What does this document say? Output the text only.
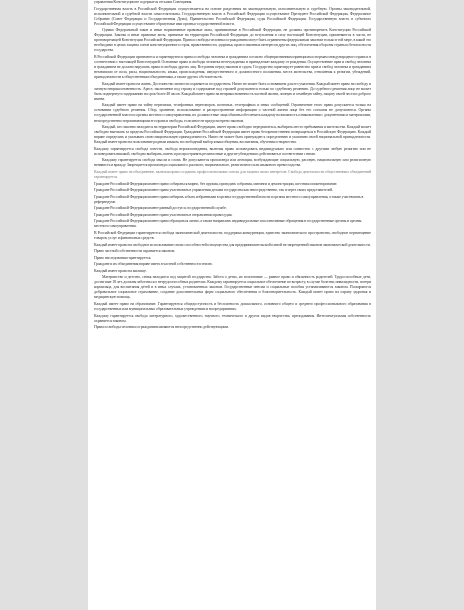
управления Конституции не содержатся отсылки Совещания.

Государственная власть в Российской Федерации осуществляется на основе разделения на законодательную, исполнительную и судебную. Органы законодательной, исполнительной и судебной власти самостоятельны. Государственную власть в Российской Федерации осуществляют Президент Российской Федерации, Федеральное Собрание (Совет Федерации и Государственная Дума), Правительство Российской Федерации, суды Российской Федерации. Государственную власть в субъектах Российской Федерации осуществляют образуемые ими органы государственной власти.

Однако Федеральный закон и иные нормативные правовые акты, принимаемые в Российской Федерации, не должны противоречить Конституции Российской Федерации. Законы и иные правовые акты, принятые на территории Российской Федерации до вступления в силу настоящей Конституции, применяются в части, не противоречащей Конституции Российской Федерации. Права и свободы человека и гражданина могут быть ограничены федеральным законом только в той мере, в какой это необходимо в целях защиты основ конституционного строя, нравственности, здоровья, прав и законных интересов других лиц, обеспечения обороны страны и безопасности государства.

В Российской Федерации признаются и гарантируются права и свободы человека и гражданина согласно общепризнанным принципам и нормам международного права и в соответствии с настоящей Конституцией. Основные права и свободы человека неотчуждаемы и принадлежат каждому от рождения. Осуществление прав и свобод человека и гражданина не должно нарушать права и свободы других лиц. Все равны перед законом и судом. Государство гарантирует равенство прав и свобод человека и гражданина независимо от пола, расы, национальности, языка, происхождения, имущественного и должностного положения, места жительства, отношения к религии, убеждений, принадлежности к общественным объединениям, а также других обстоятельств.

Каждый имеет право на жизнь. Достоинство личности охраняется государством. Ничто не может быть основанием для его умаления. Каждый имеет право на свободу и личную неприкосновенность. Арест, заключение под стражу и содержание под стражей допускаются только по судебному решению. До судебного решения лицо не может быть подвергнуто задержанию на срок более 48 часов. Каждый имеет право на неприкосновенность частной жизни, личную и семейную тайну, защиту своей чести и доброго имени.

Каждый имеет право на тайну переписки, телефонных переговоров, почтовых, телеграфных и иных сообщений. Ограничение этого права допускается только на основании судебного решения. Сбор, хранение, использование и распространение информации о частной жизни лица без его согласия не допускаются. Органы государственной власти и органы местного самоуправления, их должностные лица обязаны обеспечить каждому возможность ознакомления с документами и материалами, непосредственно затрагивающими его права и свободы, если иное не предусмотрено законом.

Каждый, кто законно находится на территории Российской Федерации, имеет право свободно передвигаться, выбирать место пребывания и жительства. Каждый может свободно выезжать за пределы Российской Федерации. Гражданин Российской Федерации имеет право беспрепятственно возвращаться в Российскую Федерацию. Каждый вправе определять и указывать свою национальную принадлежность. Никто не может быть принужден к определению и указанию своей национальной принадлежности. Каждый имеет право на пользование родным языком, на свободный выбор языка общения, воспитания, обучения и творчества.

Каждому гарантируется свобода совести, свобода вероисповедания, включая право исповедовать индивидуально или совместно с другими любую религию или не исповедовать никакой, свободно выбирать, иметь и распространять религиозные и другие убеждения и действовать в соответствии с ними.

Каждому гарантируется свобода мысли и слова. Не допускаются пропаганда или агитация, возбуждающие социальную, расовую, национальную или религиозную ненависть и вражду. Запрещается пропаганда социального, расового, национального, религиозного или языкового превосходства.

Каждый имеет право на объединение, включая право создавать профессиональные союзы для защиты своих интересов. Свобода деятельности общественных объединений гарантируется.

Граждане Российской Федерации имеют право собираться мирно, без оружия, проводить собрания, митинги и демонстрации, шествия и пикетирование.

Граждане Российской Федерации имеют право участвовать в управлении делами государства как непосредственно, так и через своих представителей.

Граждане Российской Федерации имеют право избирать и быть избранными в органы государственной власти и органы местного самоуправления, а также участвовать в референдуме.

Граждане Российской Федерации имеют равный доступ к государственной службе.

Граждане Российской Федерации имеют право участвовать в отправлении правосудия.

Граждане Российской Федерации имеют право обращаться лично, а также направлять индивидуальные и коллективные обращения в государственные органы и органы местного самоуправления.

В Российской Федерации гарантируются свобода экономической деятельности, поддержка конкуренции, единство экономического пространства, свободное перемещение товаров, услуг и финансовых средств.

Каждый имеет право на свободное использование своих способностей и имущества для предпринимательской и иной не запрещенной законом экономической деятельности.

Право частной собственности охраняется законом.

Право наследования гарантируется.

Граждане и их объединения вправе иметь в частной собственности землю.

Каждый имеет право на жилище.

Материнство и детство, семья находятся под защитой государства. Забота о детях, их воспитание — равное право и обязанность родителей. Трудоспособные дети, достигшие 18 лет, должны заботиться о нетрудоспособных родителях. Каждому гарантируется социальное обеспечение по возрасту, в случае болезни, инвалидности, потери кормильца, для воспитания детей и в иных случаях, установленных законом. Государственные пенсии и социальные пособия устанавливаются законом. Поощряются добровольное социальное страхование, создание дополнительных форм социального обеспечения и благотворительность. Каждый имеет право на охрану здоровья и медицинскую помощь.

Каждый имеет право на образование. Гарантируются общедоступность и бесплатность дошкольного, основного общего и среднего профессионального образования в государственных или муниципальных образовательных учреждениях и на предприятиях.

Каждому гарантируется свобода литературного, художественного, научного, технического и других видов творчества, преподавания. Интеллектуальная собственность охраняется законом.

Права и свободы человека и гражданина являются непосредственно действующими.
